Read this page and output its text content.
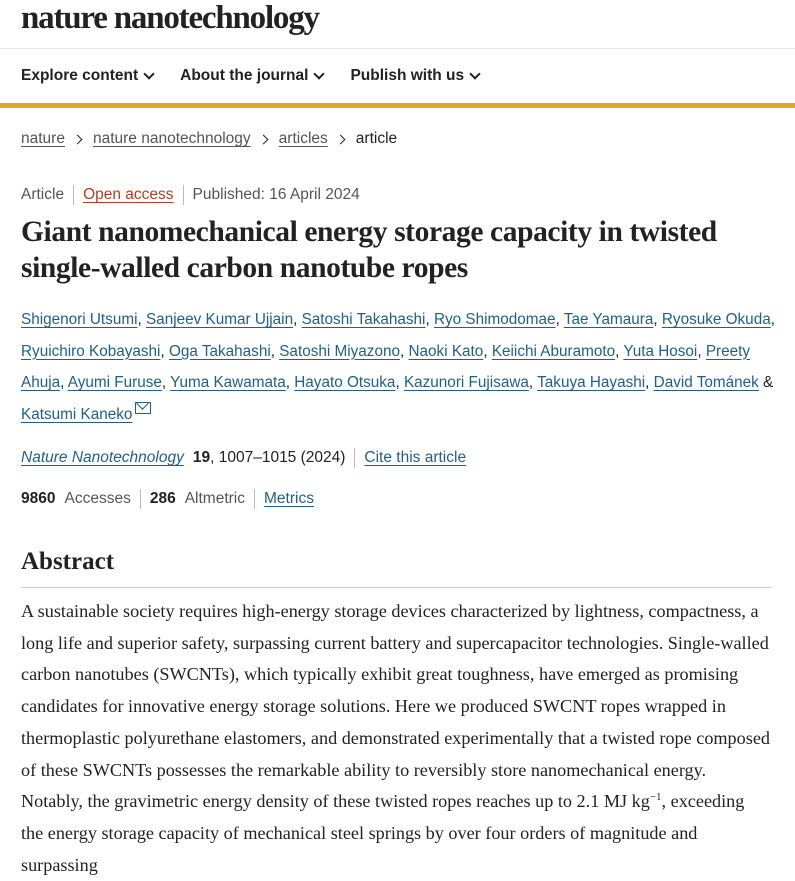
nature nanotechnology
Explore content	About the journal	Publish with us
nature nature nanotechnology articles article
Article Open access Published: 16 April 2024
Giant nanomechanical energy storage capacity in twisted single-walled carbon nanotube ropes
Shigenori Utsumi, Sanjeev Kumar Ujjain, Satoshi Takahashi, Ryo Shimodomae, Tae Yamaura, Ryosuke Okuda, Ryuichiro Kobayashi, Oga Takahashi, Satoshi Miyazono, Naoki Kato, Keiichi Aburamoto, Yuta Hosoi, Preety Ahuja, Ayumi Furuse, Yuma Kawamata, Hayato Otsuka, Kazunori Fujisawa, Takuya Hayashi, David Tománek & Katsumi Kaneko
Nature Nanotechnology 19 , 1007–1015 (2024) Cite this article
9860 Accesses 286 Altmetric Metrics
Abstract

A sustainable society requires high-energy storage devices characterized by lightness, compactness, a long life and superior safety, surpassing current battery and supercapacitor technologies. Single-walled carbon nanotubes (SWCNTs), which typically exhibit great toughness, have emerged as promising candidates for innovative energy storage solutions. Here we produced SWCNT ropes wrapped in thermoplastic polyurethane elastomers, and demonstrated experimentally that a twisted rope composed of these SWCNTs possesses the remarkable ability to reversibly store nanomechanical energy. Notably, the gravimetric energy density of these twisted ropes reaches up to 2.1 MJ $kg^{-1}$, exceeding the energy storage capacity of mechanical steel springs by over four orders of magnitude and surpassing
